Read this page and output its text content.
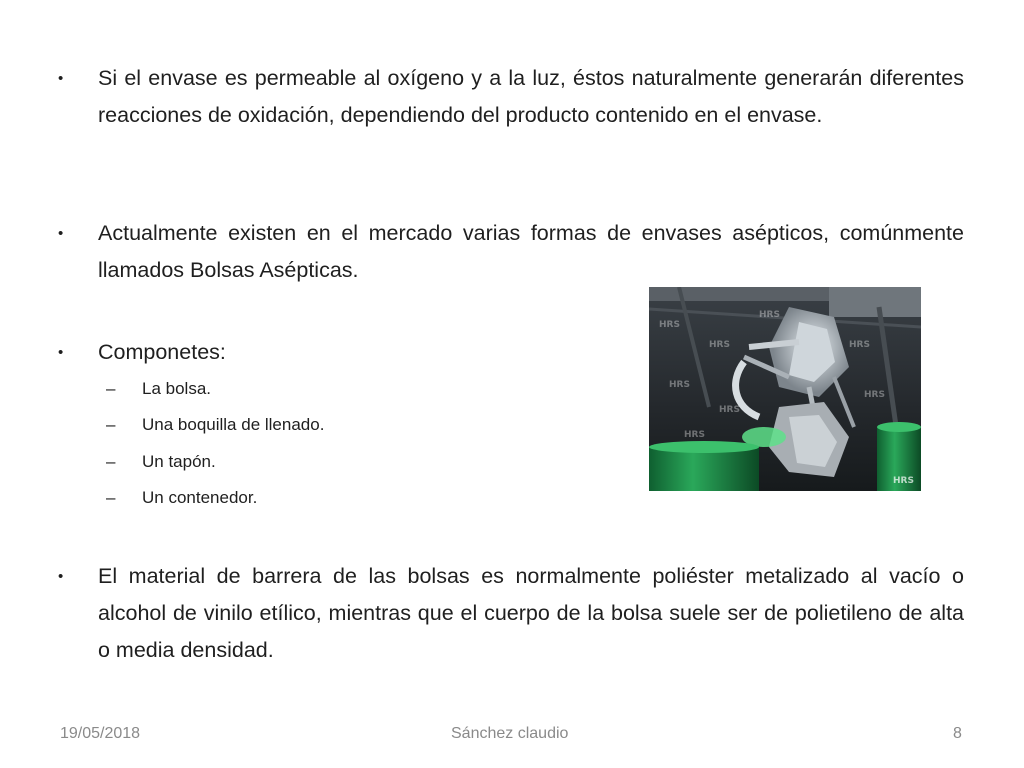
•	Si el envase es permeable al oxígeno y a la luz, éstos naturalmente generarán diferentes reacciones de oxidación, dependiendo del producto contenido en el envase.
•	Actualmente existen en el mercado varias formas de envases asépticos, comúnmente llamados Bolsas Asépticas.
•	Componetes:
– La bolsa.
– Una boquilla de llenado.
– Un tapón.
– Un contenedor.
HRS
HRS
HRS
HRS
HRS
HRS
HRS
HRS
HRS
•	El material de barrera de las bolsas es normalmente poliéster metalizado al vacío o alcohol de vinilo etílico, mientras que el cuerpo de la bolsa suele ser de polietileno de alta o media densidad.
19/05/2018	Sánchez claudio	8
